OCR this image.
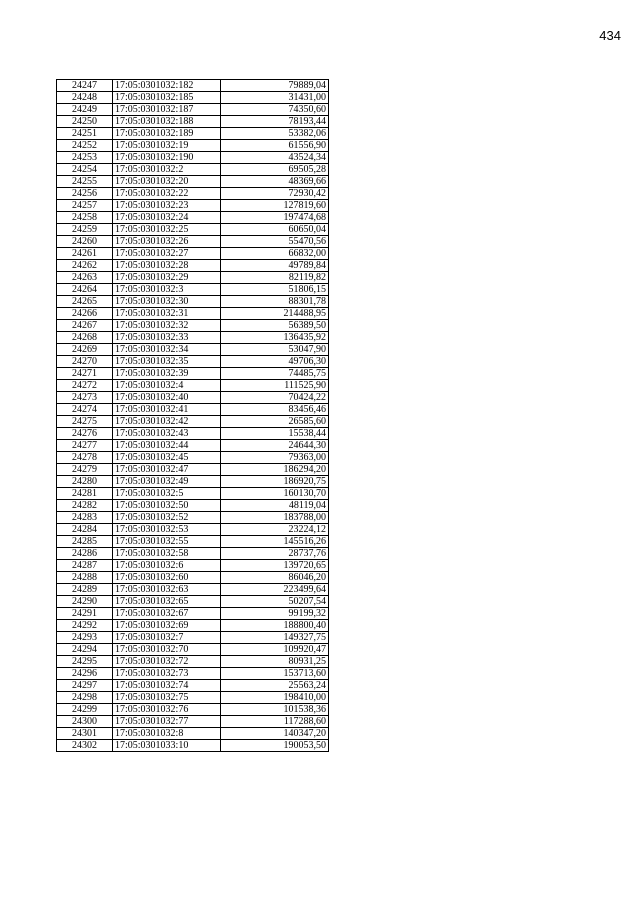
434
24247	17:05:0301032:182	79889,04
24248	17:05:0301032:185	31431,00
24249	17:05:0301032:187	74350,60
24250	17:05:0301032:188	78193,44
24251	17:05:0301032:189	53382,06
24252	17:05:0301032:19	61556,90
24253	17:05:0301032:190	43524,34
24254	17:05:0301032:2	69505,28
24255	17:05:0301032:20	48369,66
24256	17:05:0301032:22	72930,42
24257	17:05:0301032:23	127819,60
24258	17:05:0301032:24	197474,68
24259	17:05:0301032:25	60650,04
24260	17:05:0301032:26	55470,56
24261	17:05:0301032:27	66832,00
24262	17:05:0301032:28	49789,84
24263	17:05:0301032:29	82119,82
24264	17:05:0301032:3	51806,15
24265	17:05:0301032:30	88301,78
24266	17:05:0301032:31	214488,95
24267	17:05:0301032:32	56389,50
24268	17:05:0301032:33	136435,92
24269	17:05:0301032:34	53047,90
24270	17:05:0301032:35	49706,30
24271	17:05:0301032:39	74485,75
24272	17:05:0301032:4	111525,90
24273	17:05:0301032:40	70424,22
24274	17:05:0301032:41	83456,46
24275	17:05:0301032:42	26585,60
24276	17:05:0301032:43	15538,44
24277	17:05:0301032:44	24644,30
24278	17:05:0301032:45	79363,00
24279	17:05:0301032:47	186294,20
24280	17:05:0301032:49	186920,75
24281	17:05:0301032:5	160130,70
24282	17:05:0301032:50	48119,04
24283	17:05:0301032:52	183788,00
24284	17:05:0301032:53	23224,12
24285	17:05:0301032:55	145516,26
24286	17:05:0301032:58	28737,76
24287	17:05:0301032:6	139720,65
24288	17:05:0301032:60	86046,20
24289	17:05:0301032:63	223499,64
24290	17:05:0301032:65	50207,54
24291	17:05:0301032:67	99199,32
24292	17:05:0301032:69	188800,40
24293	17:05:0301032:7	149327,75
24294	17:05:0301032:70	109920,47
24295	17:05:0301032:72	80931,25
24296	17:05:0301032:73	153713,60
24297	17:05:0301032:74	25563,24
24298	17:05:0301032:75	198410,00
24299	17:05:0301032:76	101538,36
24300	17:05:0301032:77	117288,60
24301	17:05:0301032:8	140347,20
24302	17:05:0301033:10	190053,50
